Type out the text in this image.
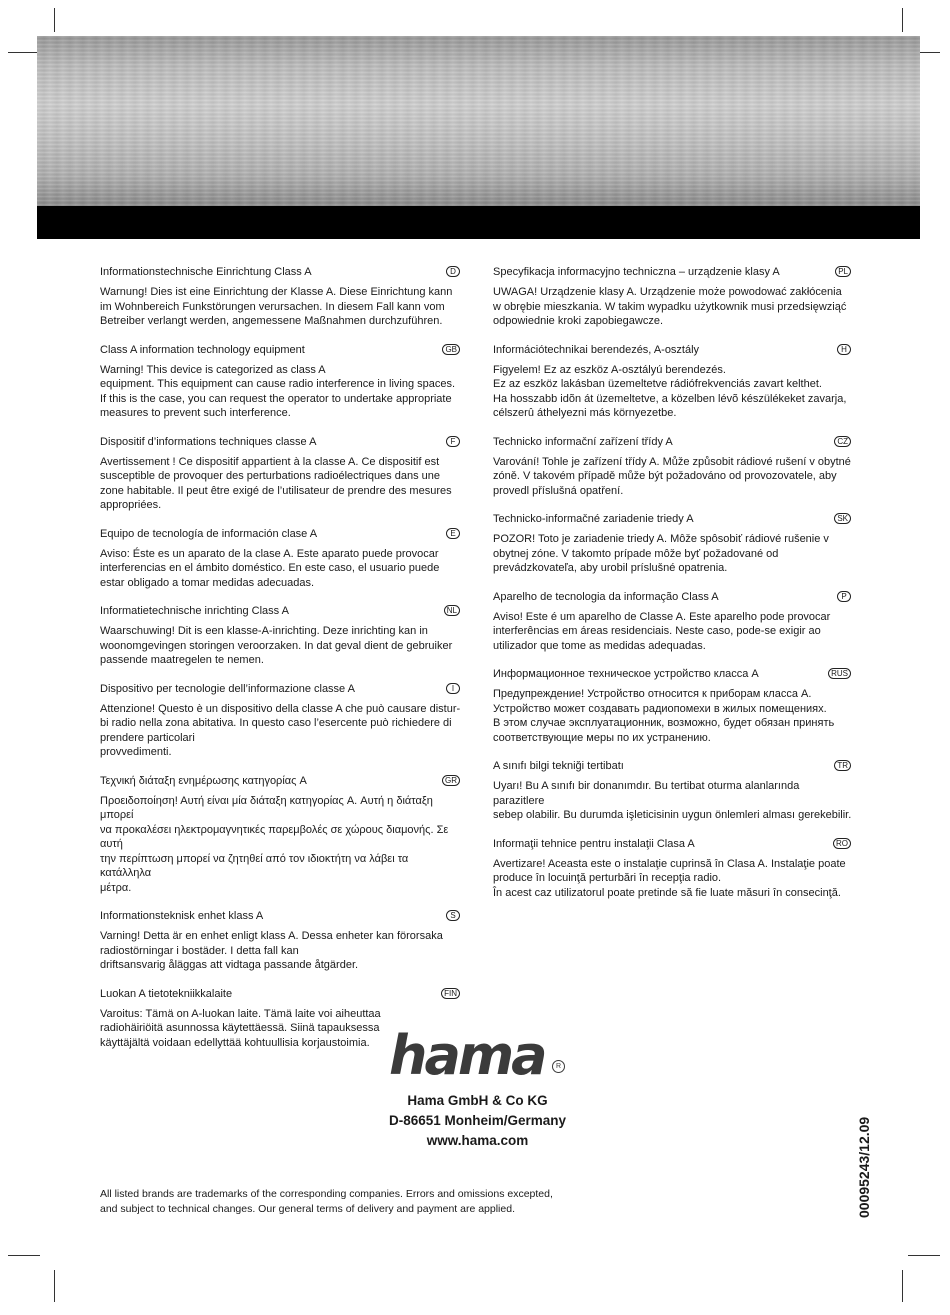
Informationstechnische Einrichtung Class A	D
Warnung! Dies ist eine Einrichtung der Klasse A. Diese Einrichtung kann
im Wohnbereich Funkstörungen verursachen. In diesem Fall kann vom
Betreiber verlangt werden, angemessene Maßnahmen durchzuführen.
Class A information technology equipment	GB
Warning! This device is categorized as class A
equipment. This equipment can cause radio interference in living spaces.
If this is the case, you can request the operator to undertake appropriate
measures to prevent such interference.
Dispositif d’informations techniques classe A	F
Avertissement ! Ce dispositif appartient à la classe A. Ce dispositif est
susceptible de provoquer des perturbations radioélectriques dans une
zone habitable. Il peut être exigé de l’utilisateur de prendre des mesures
appropriées.
Equipo de tecnología de información clase A	E
Aviso: Éste es un aparato de la clase A. Este aparato puede provocar
interferencias en el ámbito doméstico. En este caso, el usuario puede
estar obligado a tomar medidas adecuadas.
Informatietechnische inrichting Class A	NL
Waarschuwing! Dit is een klasse-A-inrichting. Deze inrichting kan in
woonomgevingen storingen veroorzaken. In dat geval dient de gebruiker
passende maatregelen te nemen.
Dispositivo per tecnologie dell’informazione classe A	I
Attenzione! Questo è un dispositivo della classe A che può causare distur-
bi radio nella zona abitativa. In questo caso l’esercente può richiedere di
prendere particolari
provvedimenti.
Τεχνική διάταξη ενημέρωσης κατηγορίας A	GR
Προειδοποίηση! Αυτή είναι μία διάταξη κατηγορίας A. Αυτή η διάταξη μπορεί
να προκαλέσει ηλεκτρομαγνητικές παρεμβολές σε χώρους διαμονής. Σε αυτή
την περίπτωση μπορεί να ζητηθεί από τον ιδιοκτήτη να λάβει τα κατάλληλα
μέτρα.
Informationsteknisk enhet klass A	S
Varning! Detta är en enhet enligt klass A. Dessa enheter kan förorsaka
radiostörningar i bostäder. I detta fall kan
driftsansvarig åläggas att vidtaga passande åtgärder.
Luokan A tietotekniikkalaite	FIN
Varoitus: Tämä on A-luokan laite. Tämä laite voi aiheuttaa
radiohäiriöitä asunnossa käytettäessä. Siinä tapauksessa
käyttäjältä voidaan edellyttää kohtuullisia korjaustoimia.
Specyfikacja informacyjno techniczna – urządzenie klasy A	PL
UWAGA! Urządzenie klasy A. Urządzenie może powodować zakłócenia
w obrębie mieszkania. W takim wypadku użytkownik musi przedsięwziąć
odpowiednie kroki zapobiegawcze.
Információtechnikai berendezés, A-osztály	H
Figyelem! Ez az eszköz A-osztályú berendezés.
Ez az eszköz lakásban üzemeltetve rádiófrekvenciás zavart kelthet.
Ha hosszabb idõn át üzemeltetve, a közelben lévõ készülékeket zavarja,
célszerû áthelyezni más környezetbe.
Technicko informační zařízení třídy A	CZ
Varování! Tohle je zařízení třídy A. Může způsobit rádiové rušení v obytné
zóně. V takovém případě může být požadováno od provozovatele, aby
provedl příslušná opatření.
Technicko-informačné zariadenie triedy A	SK
POZOR! Toto je zariadenie triedy A. Môže spôsobiť rádiové rušenie v
obytnej zóne. V takomto prípade môže byť požadované od
prevádzkovateľa, aby urobil príslušné opatrenia.
Aparelho de tecnologia da informação Class A	P
Aviso! Este é um aparelho de Classe A. Este aparelho pode provocar
interferências em áreas residenciais. Neste caso, pode-se exigir ao
utilizador que tome as medidas adequadas.
Информационное техническое устройство класса A	RUS
Предупреждение! Устройство относится к приборам класса A.
Устройство может создавать радиопомехи в жилых помещениях.
В этом случае эксплуатационник, возможно, будет обязан принять
соответствующие меры по их устранению.
A sınıfı bilgi tekniği tertibatı	TR
Uyarı! Bu A sınıfı bir donanımdır. Bu tertibat oturma alanlarında parazitlere
sebep olabilir. Bu durumda işleticisinin uygun önlemleri alması gerekebilir.
Informaţii tehnice pentru instalaţii Clasa A	RO
Avertizare! Aceasta este o instalaţie cuprinsă în Clasa A. Instalaţie poate
produce în locuinţă perturbări în recepţia radio.
În acest caz utilizatorul poate pretinde să fie luate măsuri în consecinţă.
hama	R
Hama GmbH & Co KG
D-86651 Monheim/Germany
www.hama.com
All listed brands are trademarks of the corresponding companies. Errors and omissions excepted,
and subject to technical changes. Our general terms of delivery and payment are applied.	00095243/12.09
